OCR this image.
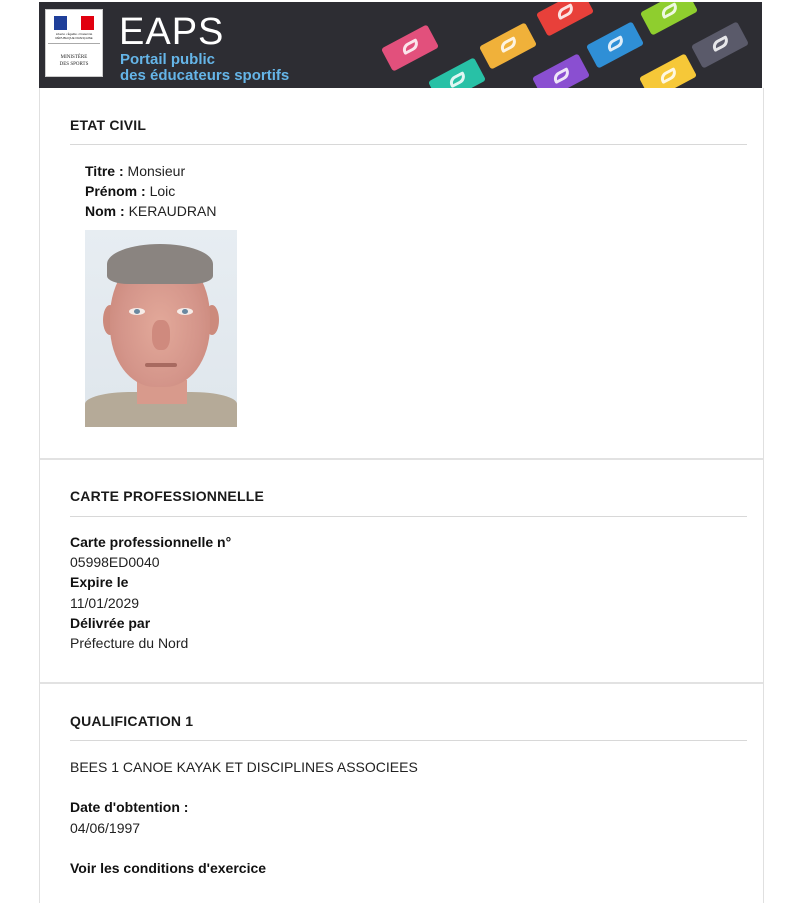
Liberté • Égalité • Fraternité
RÉPUBLIQUE FRANÇAISE
MINISTÈRE
DES SPORTS
EAPS
Portail public
des éducateurs sportifs
ETAT CIVIL
Titre : Monsieur
Prénom : Loic
Nom : KERAUDRAN
CARTE PROFESSIONNELLE
Carte professionnelle n°
05998ED0040
Expire le
11/01/2029
Délivrée par
Préfecture du Nord
QUALIFICATION 1
BEES 1 CANOE KAYAK ET DISCIPLINES ASSOCIEES
Date d'obtention :
04/06/1997
Voir les conditions d'exercice
